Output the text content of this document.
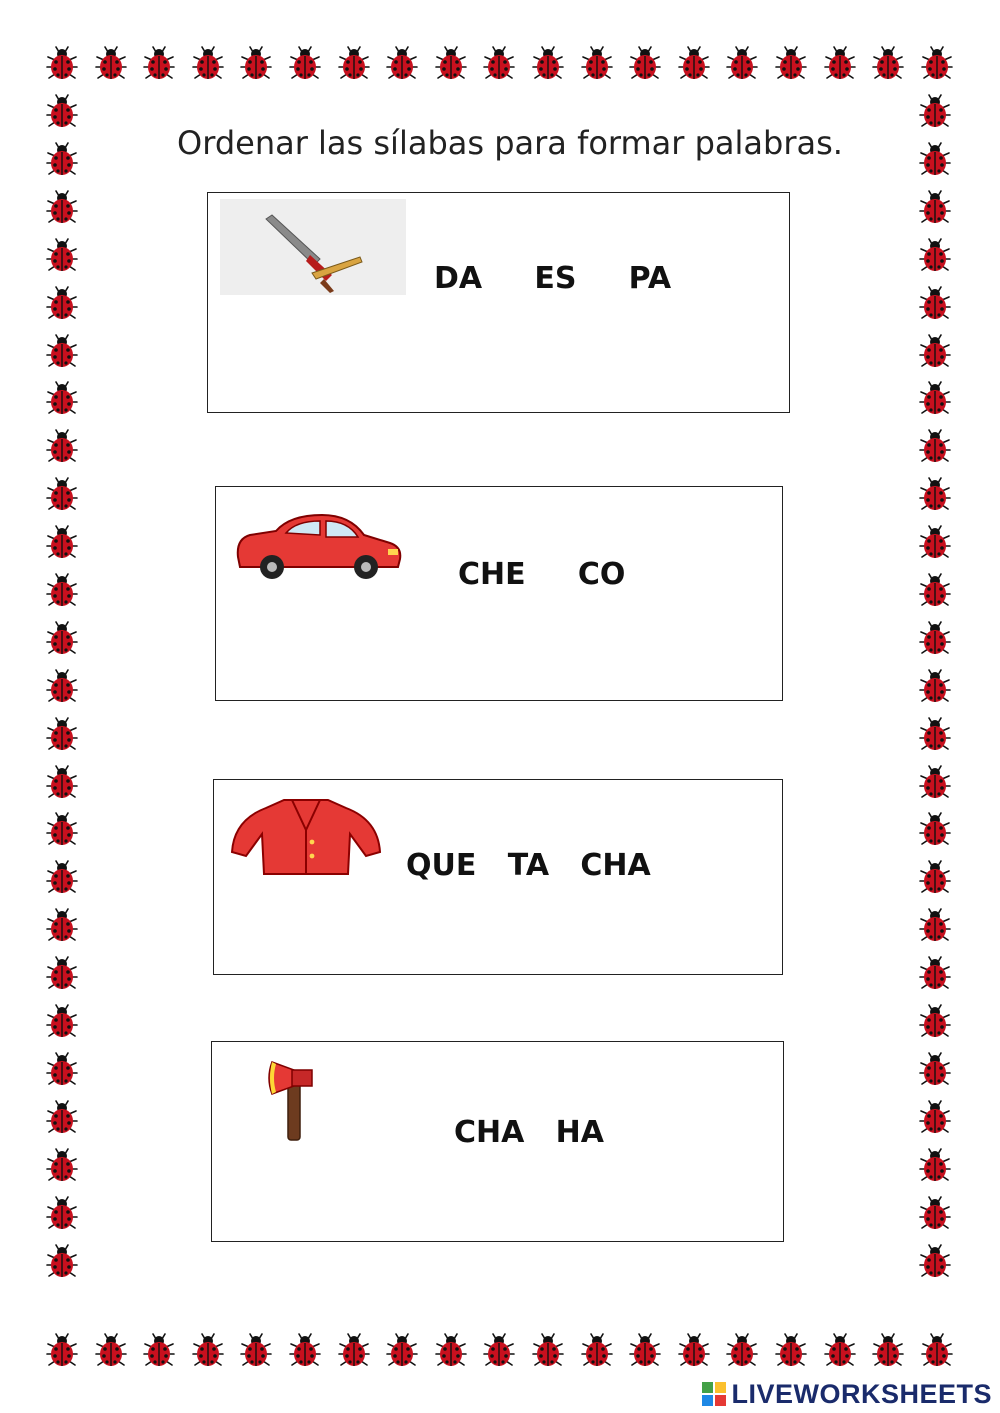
Ordenar las sílabas para formar palabras.
DA     ES     PA
CHE     CO
QUE   TA   CHA
CHA   HA
LIVEWORKSHEETS
